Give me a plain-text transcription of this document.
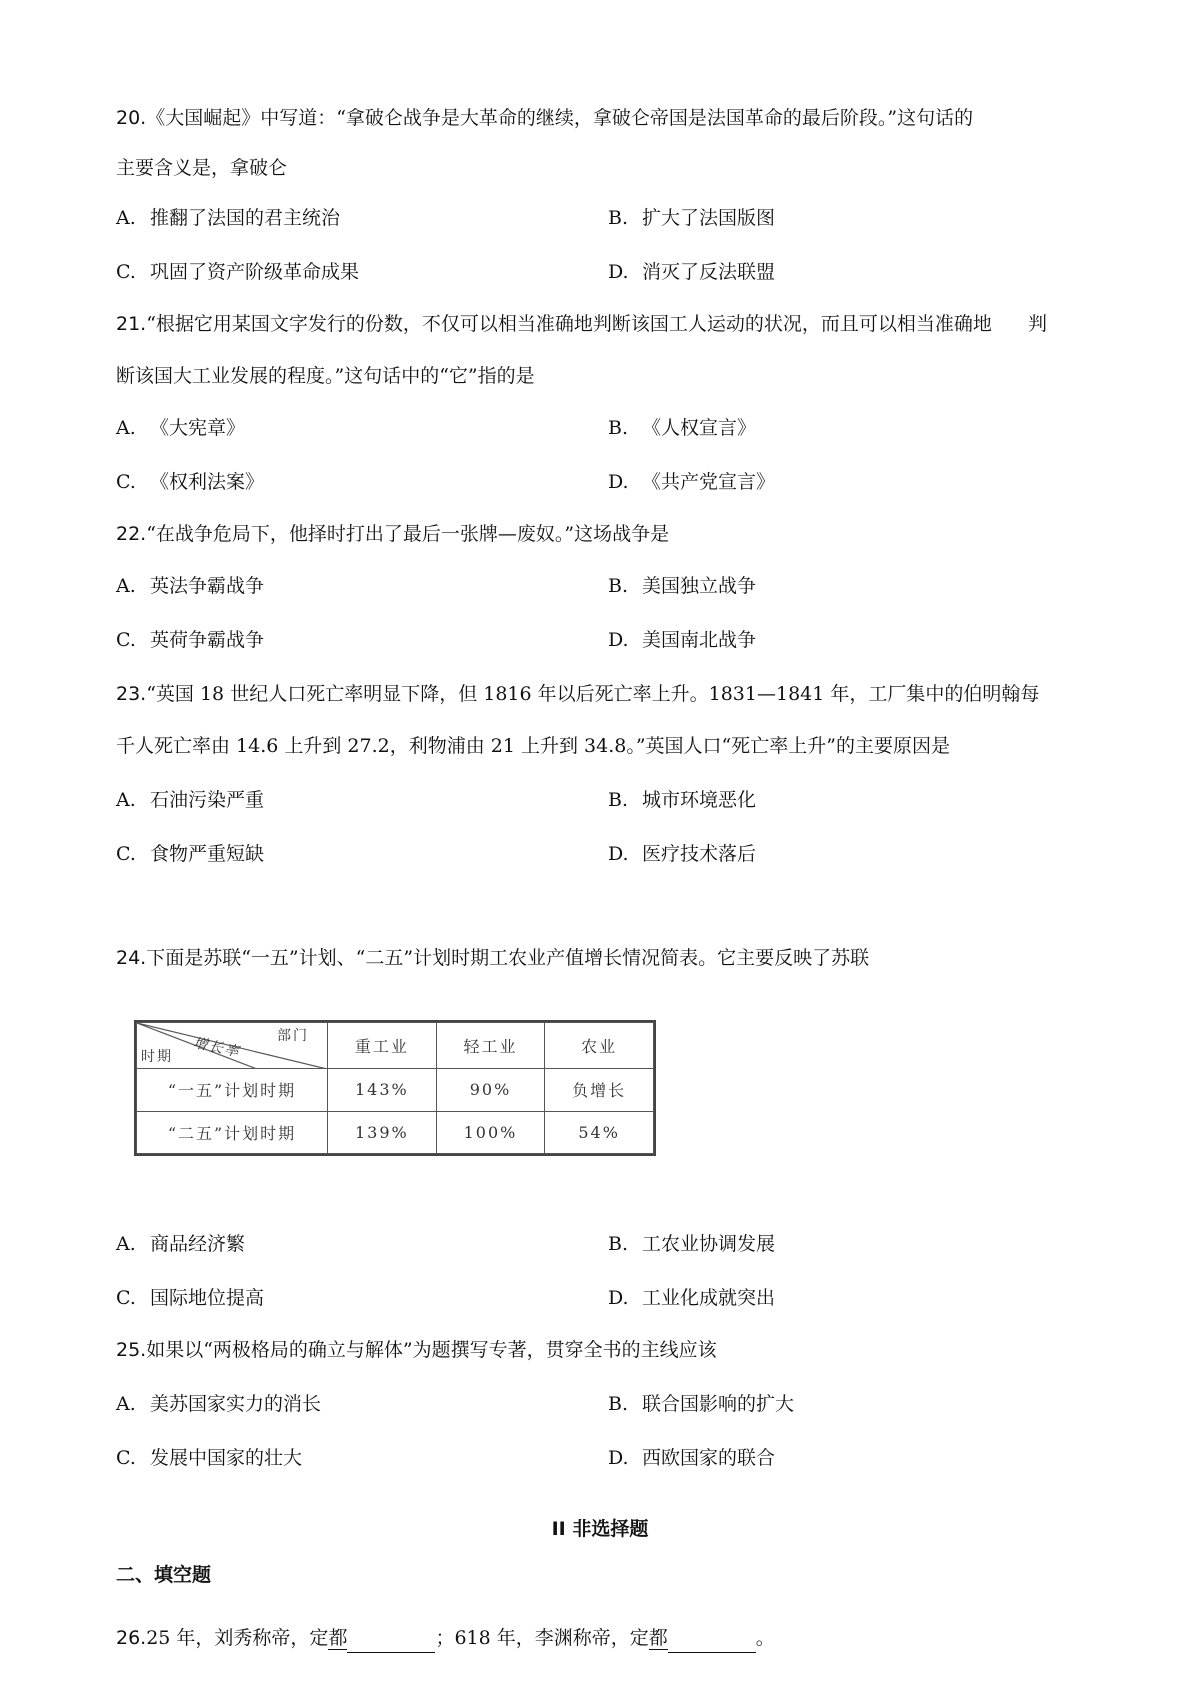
20.《大国崛起》中写道：“拿破仑战争是大革命的继续，拿破仑帝国是法国革命的最后阶段。”这句话的
主要含义是，拿破仑
A. 推翻了法国的君主统治	B. 扩大了法国版图
C. 巩固了资产阶级革命成果	D. 消灭了反法联盟
21.“根据它用某国文字发行的份数，不仅可以相当准确地判断该国工人运动的状况，而且可以相当准确地 判
断该国大工业发展的程度。”这句话中的“它”指的是
A. 《大宪章》	B. 《人权宣言》
C. 《权利法案》	D. 《共产党宣言》
22.“在战争危局下，他择时打出了最后一张牌—废奴。”这场战争是
A. 英法争霸战争	B. 美国独立战争
C. 英荷争霸战争	D. 美国南北战争
23.“英国 18 世纪人口死亡率明显下降，但 1816 年以后死亡率上升。1831—1841 年，工厂集中的伯明翰每
千人死亡率由 14.6 上升到 27.2，利物浦由 21 上升到 34.8。”英国人口“死亡率上升”的主要原因是
A. 石油污染严重	B. 城市环境恶化
C. 食物严重短缺	D. 医疗技术落后
24.下面是苏联“一五”计划、“二五”计划时期工农业产值增长情况简表。它主要反映了苏联
部门
增长率
时期	重工业	轻工业	农业
“一五”计划时期	143%	90%	负增长
“二五”计划时期	139%	100%	54%
A. 商品经济繁	B. 工农业协调发展
C. 国际地位提高	D. 工业化成就突出
25.如果以“两极格局的确立与解体”为题撰写专著，贯穿全书的主线应该
A. 美苏国家实力的消长	B. 联合国影响的扩大
C. 发展中国家的壮大	D. 西欧国家的联合
II 非选择题
二、填空题
26.25 年，刘秀称帝，定都	；618 年，李渊称帝，定都	。
